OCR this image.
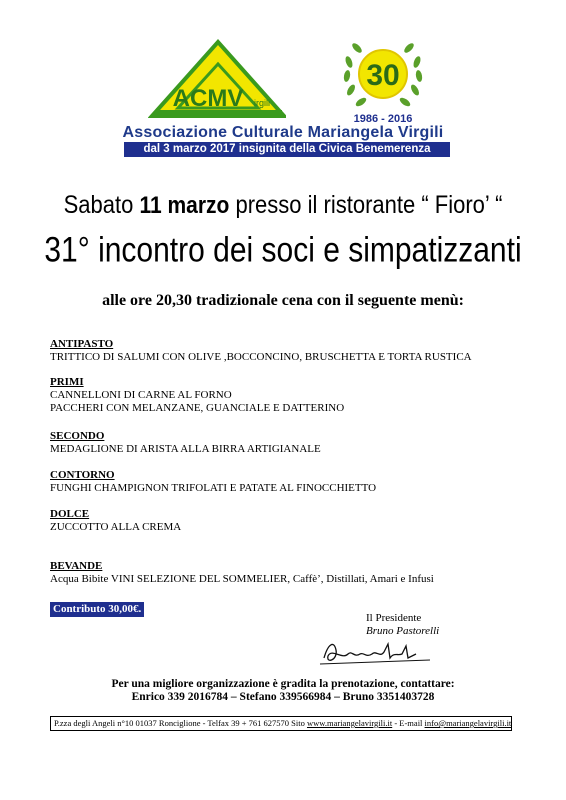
ACMV irgili
30
1986 - 2016
Associazione Culturale Mariangela Virgili
dal 3 marzo 2017 insignita della Civica Benemerenza
Sabato 11 marzo presso il ristorante “ Fioro’ “
31° incontro dei soci e simpatizzanti
alle ore 20,30 tradizionale cena con il seguente menù:
ANTIPASTO
TRITTICO DI SALUMI CON OLIVE ,BOCCONCINO, BRUSCHETTA E TORTA RUSTICA
PRIMI
CANNELLONI DI CARNE AL FORNO
PACCHERI CON MELANZANE, GUANCIALE E DATTERINO
SECONDO
MEDAGLIONE DI ARISTA ALLA BIRRA ARTIGIANALE
CONTORNO
FUNGHI CHAMPIGNON TRIFOLATI E PATATE AL FINOCCHIETTO
DOLCE
ZUCCOTTO ALLA CREMA
BEVANDE
Acqua Bibite VINI SELEZIONE DEL SOMMELIER, Caffè’, Distillati, Amari e Infusi
Contributo 30,00€.
Il Presidente
Bruno Pastorelli
Per una migliore organizzazione è gradita la prenotazione, contattare:
Enrico 339 2016784 – Stefano 339566984 – Bruno 3351403728
P.zza degli Angeli n°10 01037 Ronciglione - Telfax 39 + 761 627570 Sito www.mariangelavirgili.it - E-mail info@mariangelavirgili.it
